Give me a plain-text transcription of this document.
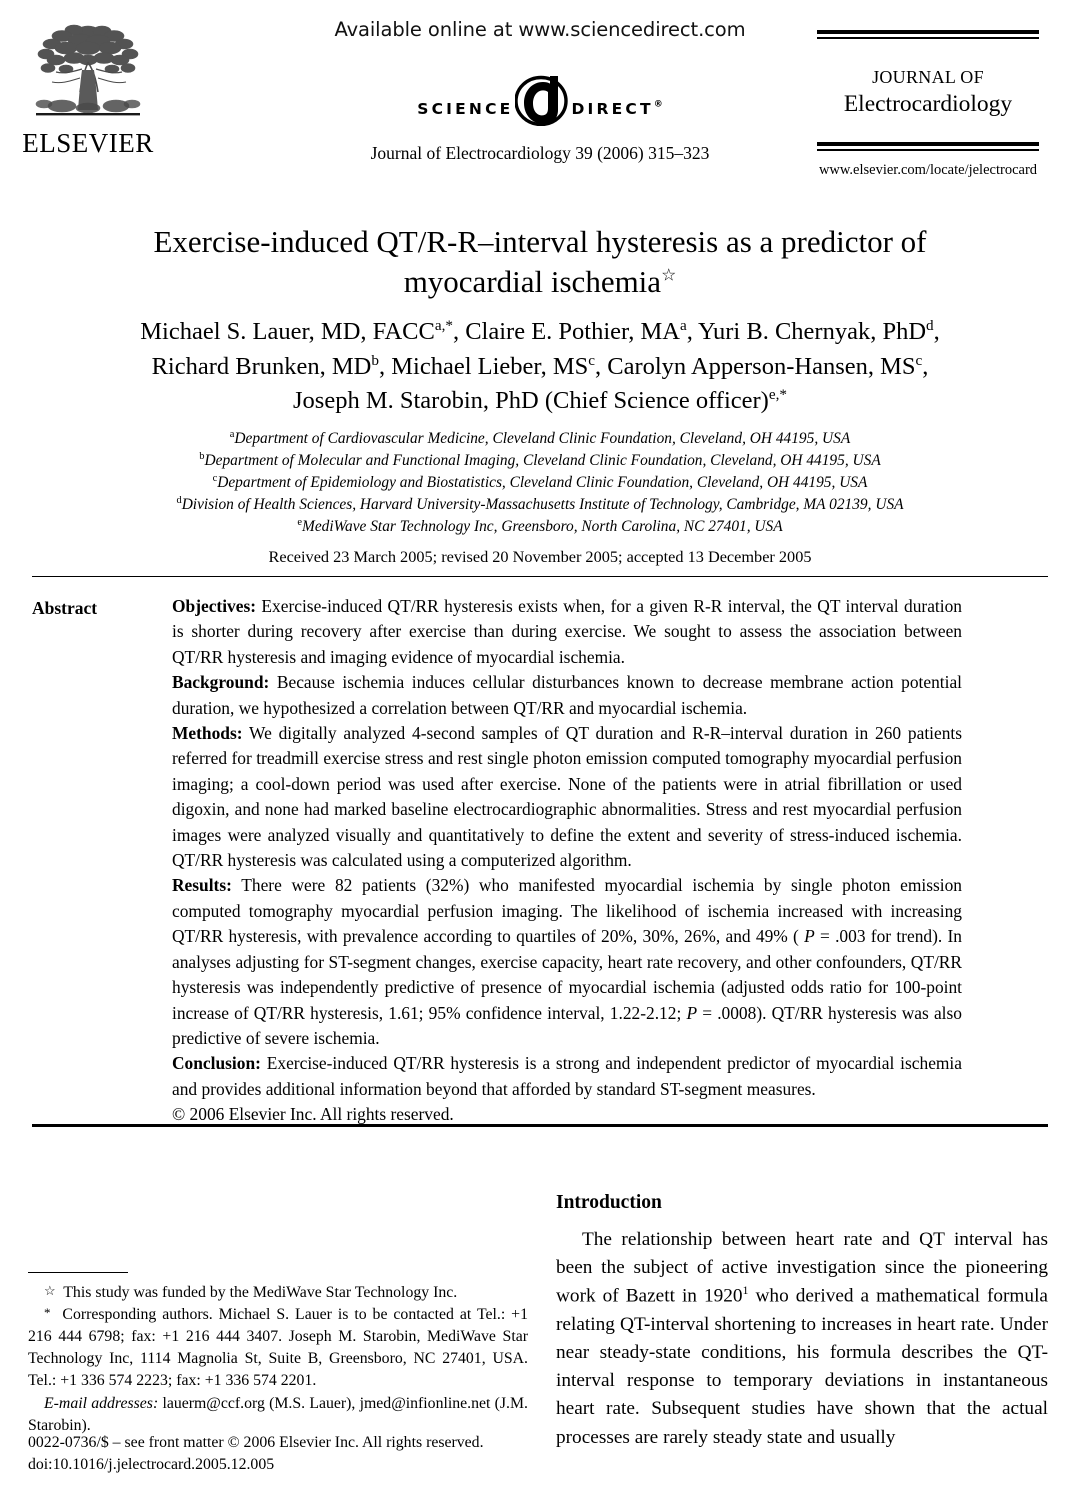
ELSEVIER
Available online at www.sciencedirect.com
SCIENCE	DIRECT®
Journal of Electrocardiology 39 (2006) 315–323
JOURNAL OF
Electrocardiology
www.elsevier.com/locate/jelectrocard
Exercise-induced QT/R-R–interval hysteresis as a predictor of
myocardial ischemia☆
Michael S. Lauer, MD, $FACC^{a,*}$, Claire E. Pothier, $MA^a$, Yuri B. Chernyak, PhD$^d$,
Richard Brunken, $MD^b$, Michael Lieber, $MS^c$, Carolyn Apperson-Hansen, $MS^c$,
Joseph M. Starobin, PhD (Chief Science officer)$^{e,*}$
$^a$Department of Cardiovascular Medicine, Cleveland Clinic Foundation, Cleveland, OH 44195, USA
$^b$Department of Molecular and Functional Imaging, Cleveland Clinic Foundation, Cleveland, OH 44195, USA
$^c$Department of Epidemiology and Biostatistics, Cleveland Clinic Foundation, Cleveland, OH 44195, USA
$^d$Division of Health Sciences, Harvard University-Massachusetts Institute of Technology, Cambridge, MA 02139, USA
$^e$MediWave Star Technology Inc, Greensboro, North Carolina, NC 27401, USA
Received 23 March 2005; revised 20 November 2005; accepted 13 December 2005
Abstract	Objectives: Exercise-induced QT/RR hysteresis exists when, for a given R-R interval, the QT interval duration is shorter during recovery after exercise than during exercise. We sought to assess the association between QT/RR hysteresis and imaging evidence of myocardial ischemia.

Background: Because ischemia induces cellular disturbances known to decrease membrane action potential duration, we hypothesized a correlation between QT/RR and myocardial ischemia.

Methods: We digitally analyzed 4-second samples of QT duration and R-R–interval duration in 260 patients referred for treadmill exercise stress and rest single photon emission computed tomography myocardial perfusion imaging; a cool-down period was used after exercise. None of the patients were in atrial fibrillation or used digoxin, and none had marked baseline electrocardiographic abnormalities. Stress and rest myocardial perfusion images were analyzed visually and quantitatively to define the extent and severity of stress-induced ischemia. QT/RR hysteresis was calculated using a computerized algorithm.

Results: There were 82 patients (32%) who manifested myocardial ischemia by single photon emission computed tomography myocardial perfusion imaging. The likelihood of ischemia increased with increasing QT/RR hysteresis, with prevalence according to quartiles of 20%, 30%, 26%, and 49% ( P = .003 for trend). In analyses adjusting for ST-segment changes, exercise capacity, heart rate recovery, and other confounders, QT/RR hysteresis was independently predictive of presence of myocardial ischemia (adjusted odds ratio for 100-point increase of QT/RR hysteresis, 1.61; 95% confidence interval, 1.22-2.12; P = .0008). QT/RR hysteresis was also predictive of severe ischemia.

Conclusion: Exercise-induced QT/RR hysteresis is a strong and independent predictor of myocardial ischemia and provides additional information beyond that afforded by standard ST-segment measures.

© 2006 Elsevier Inc. All rights reserved.

☆ This study was funded by the MediWave Star Technology Inc.

* Corresponding authors. Michael S. Lauer is to be contacted at Tel.: +1 216 444 6798; fax: +1 216 444 3407. Joseph M. Starobin, MediWave Star Technology Inc, 1114 Magnolia St, Suite B, Greensboro, NC 27401, USA. Tel.: +1 336 574 2223; fax: +1 336 574 2201.

E-mail addresses: lauerm@ccf.org (M.S. Lauer), jmed@infionline.net (J.M. Starobin).

0022-0736/$ – see front matter © 2006 Elsevier Inc. All rights reserved.

doi:10.1016/j.jelectrocard.2005.12.005

Introduction

The relationship between heart rate and QT interval has been the subject of active investigation since the pioneering work of Bazett in 1920$^1$ who derived a mathematical formula relating QT-interval shortening to increases in heart rate. Under near steady-state conditions, his formula describes the QT-interval response to temporary deviations in instantaneous heart rate. Subsequent studies have shown that the actual processes are rarely steady state and usually
